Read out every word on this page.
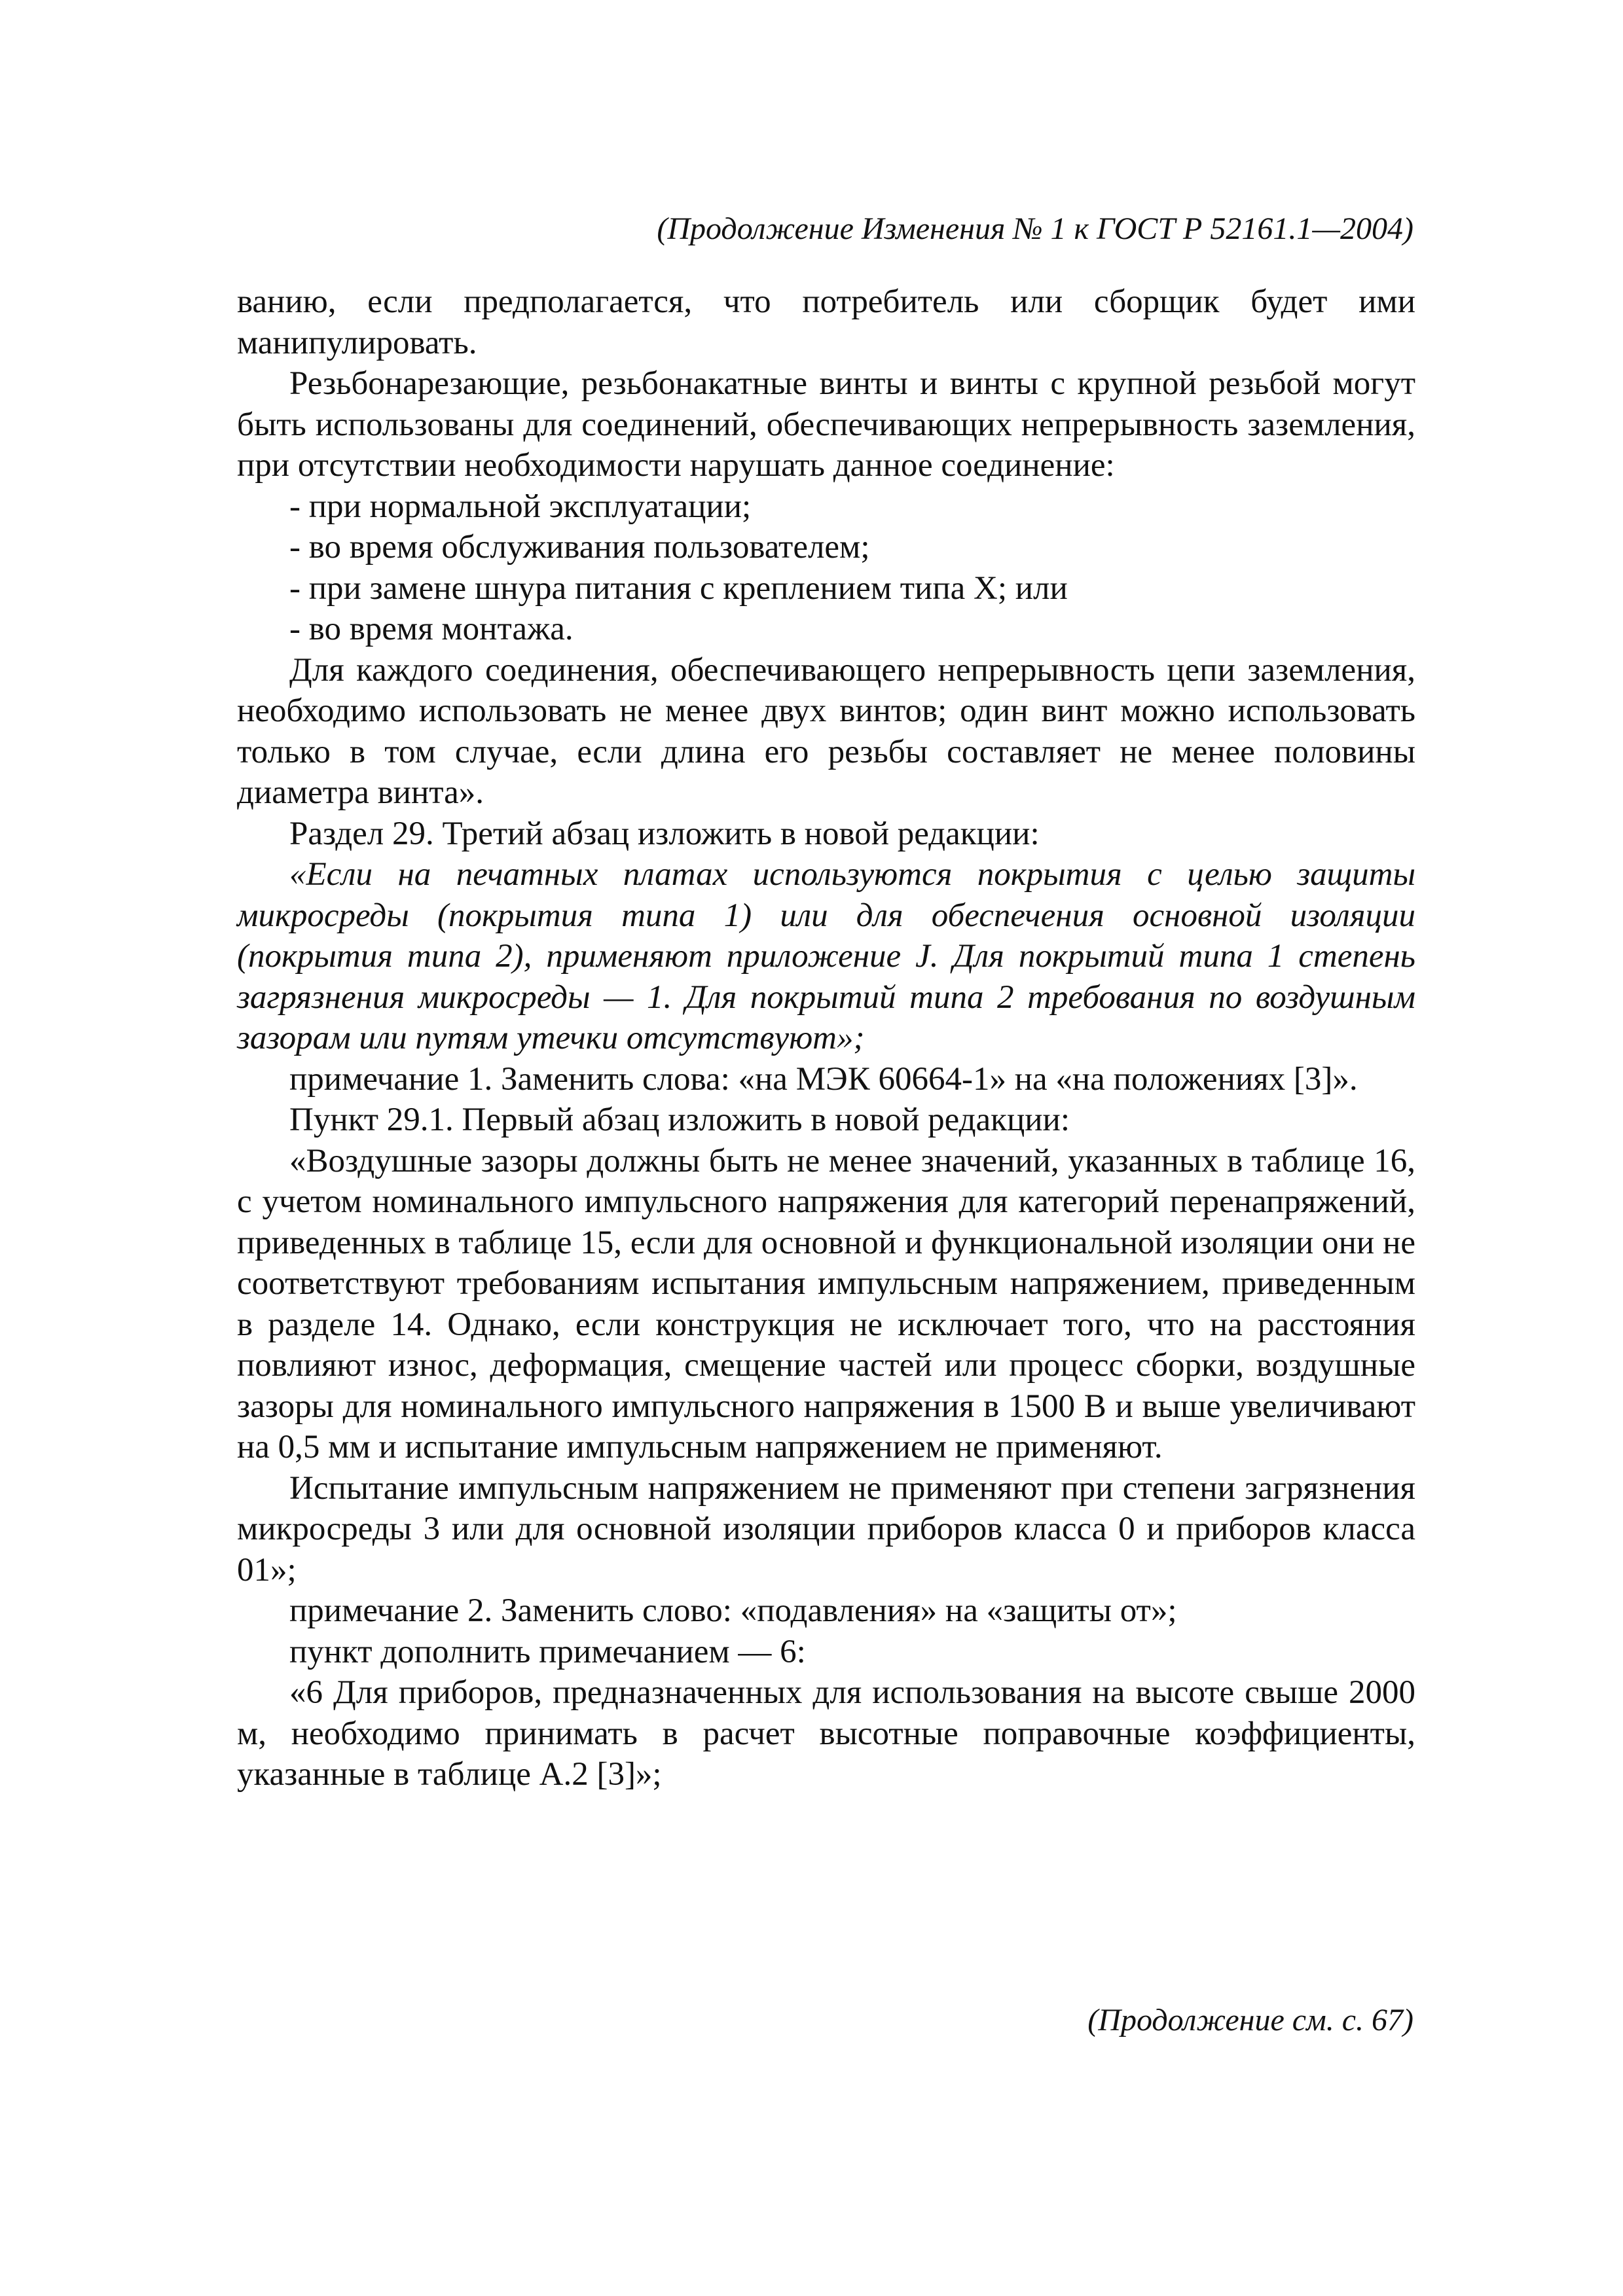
(Продолжение Изменения № 1 к ГОСТ Р 52161.1—2004)

ванию, если предполагается, что потребитель или сборщик будет ими манипулировать.

Резьбонарезающие, резьбонакатные винты и винты с крупной резьбой могут быть использованы для соединений, обеспечивающих непрерывность заземления, при отсутствии необходимости нарушать данное соединение:

- при нормальной эксплуатации;

- во время обслуживания пользователем;

- при замене шнура питания с креплением типа X; или

- во время монтажа.

Для каждого соединения, обеспечивающего непрерывность цепи заземления, необходимо использовать не менее двух винтов; один винт можно использовать только в том случае, если длина его резьбы составляет не менее половины диаметра винта».

Раздел 29. Третий абзац изложить в новой редакции:

«Если на печатных платах используются покрытия с целью защиты микросреды (покрытия типа 1) или для обеспечения основной изоляции (покрытия типа 2), применяют приложение J. Для покрытий типа 1 степень загрязнения микросреды — 1. Для покрытий типа 2 требования по воздушным зазорам или путям утечки отсутствуют»;

примечание 1. Заменить слова: «на МЭК 60664-1» на «на положениях [3]».

Пункт 29.1. Первый абзац изложить в новой редакции:

«Воздушные зазоры должны быть не менее значений, указанных в таблице 16, с учетом номинального импульсного напряжения для категорий перенапряжений, приведенных в таблице 15, если для основной и функциональной изоляции они не соответствуют требованиям испытания импульсным напряжением, приведенным в разделе 14. Однако, если конструкция не исключает того, что на расстояния повлияют износ, деформация, смещение частей или процесс сборки, воздушные зазоры для номинального импульсного напряжения в 1500 В и выше увеличивают на 0,5 мм и испытание импульсным напряжением не применяют.

Испытание импульсным напряжением не применяют при степени загрязнения микросреды 3 или для основной изоляции приборов класса 0 и приборов класса 01»;

примечание 2. Заменить слово: «подавления» на «защиты от»;

пункт дополнить примечанием — 6:

«6 Для приборов, предназначенных для использования на высоте свыше 2000 м, необходимо принимать в расчет высотные поправочные коэффициенты, указанные в таблице А.2 [3]»;

(Продолжение см. с. 67)
